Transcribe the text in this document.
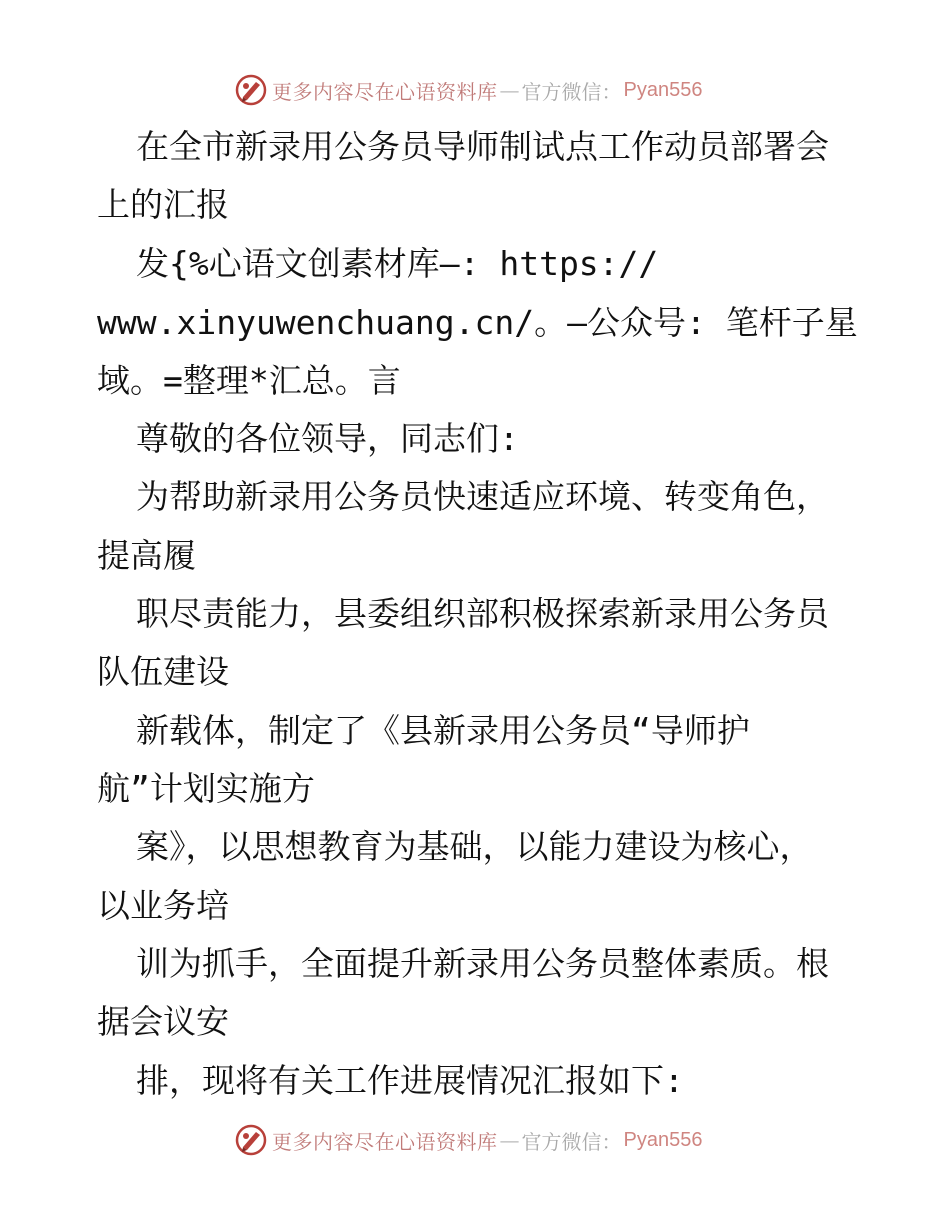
更多内容尽在心语资料库 — 官方微信： Pyan556
在全市新录用公务员导师制试点工作动员部署会
上的汇报
发{%心语文创素材库—: https://
www.xinyuwenchuang.cn/。—公众号: 笔杆子星
域。=整理*汇总。言
尊敬的各位领导，同志们:
为帮助新录用公务员快速适应环境、转变角色，
提高履
职尽责能力，县委组织部积极探索新录用公务员
队伍建设
新载体，制定了《县新录用公务员“导师护
航”计划实施方
案》，以思想教育为基础，以能力建设为核心，
以业务培
训为抓手，全面提升新录用公务员整体素质。根
据会议安
排，现将有关工作进展情况汇报如下:
更多内容尽在心语资料库 — 官方微信： Pyan556
